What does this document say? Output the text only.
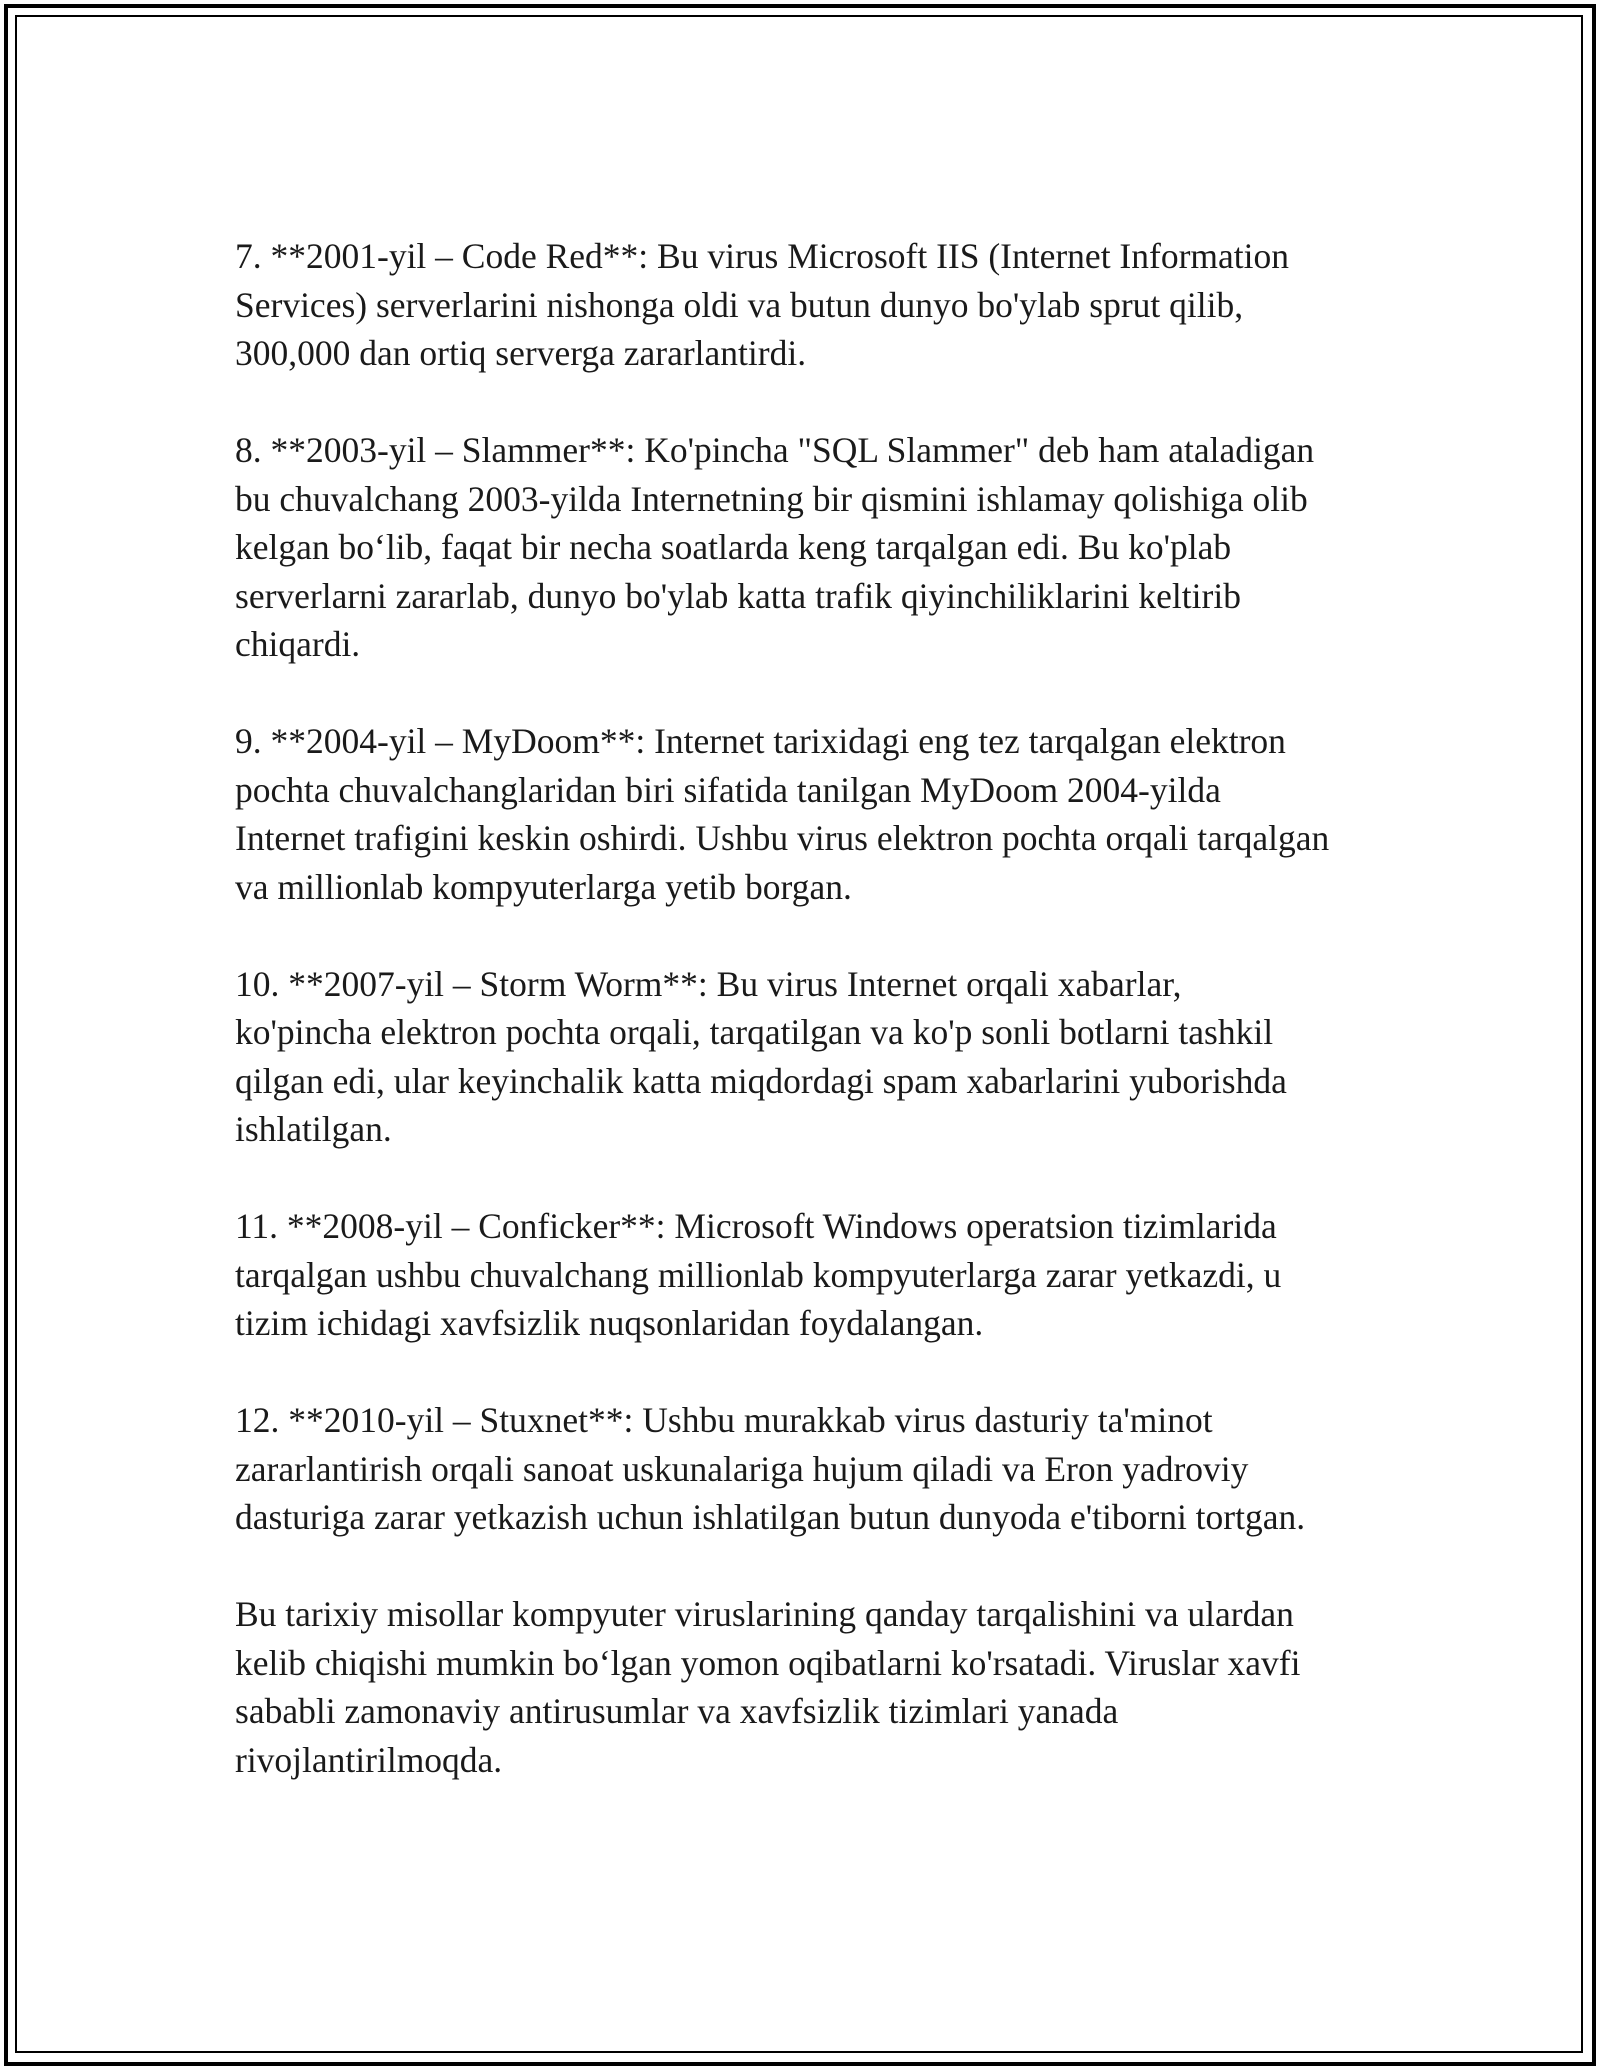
7. **2001-yil – Code Red**: Bu virus Microsoft IIS (Internet Information
Services) serverlarini nishonga oldi va butun dunyo bo'ylab sprut qilib,
300,000 dan ortiq serverga zararlantirdi.

8. **2003-yil – Slammer**: Ko'pincha "SQL Slammer" deb ham ataladigan
bu chuvalchang 2003-yilda Internetning bir qismini ishlamay qolishiga olib
kelgan boʻlib, faqat bir necha soatlarda keng tarqalgan edi. Bu ko'plab
serverlarni zararlab, dunyo bo'ylab katta trafik qiyinchiliklarini keltirib
chiqardi.

9. **2004-yil – MyDoom**: Internet tarixidagi eng tez tarqalgan elektron
pochta chuvalchanglaridan biri sifatida tanilgan MyDoom 2004-yilda
Internet trafigini keskin oshirdi. Ushbu virus elektron pochta orqali tarqalgan
va millionlab kompyuterlarga yetib borgan.

10. **2007-yil – Storm Worm**: Bu virus Internet orqali xabarlar,
ko'pincha elektron pochta orqali, tarqatilgan va ko'p sonli botlarni tashkil
qilgan edi, ular keyinchalik katta miqdordagi spam xabarlarini yuborishda
ishlatilgan.

11. **2008-yil – Conficker**: Microsoft Windows operatsion tizimlarida
tarqalgan ushbu chuvalchang millionlab kompyuterlarga zarar yetkazdi, u
tizim ichidagi xavfsizlik nuqsonlaridan foydalangan.

12. **2010-yil – Stuxnet**: Ushbu murakkab virus dasturiy ta'minot
zararlantirish orqali sanoat uskunalariga hujum qiladi va Eron yadroviy
dasturiga zarar yetkazish uchun ishlatilgan butun dunyoda e'tiborni tortgan.

Bu tarixiy misollar kompyuter viruslarining qanday tarqalishini va ulardan
kelib chiqishi mumkin boʻlgan yomon oqibatlarni ko'rsatadi. Viruslar xavfi
sababli zamonaviy antirusumlar va xavfsizlik tizimlari yanada
rivojlantirilmoqda.
